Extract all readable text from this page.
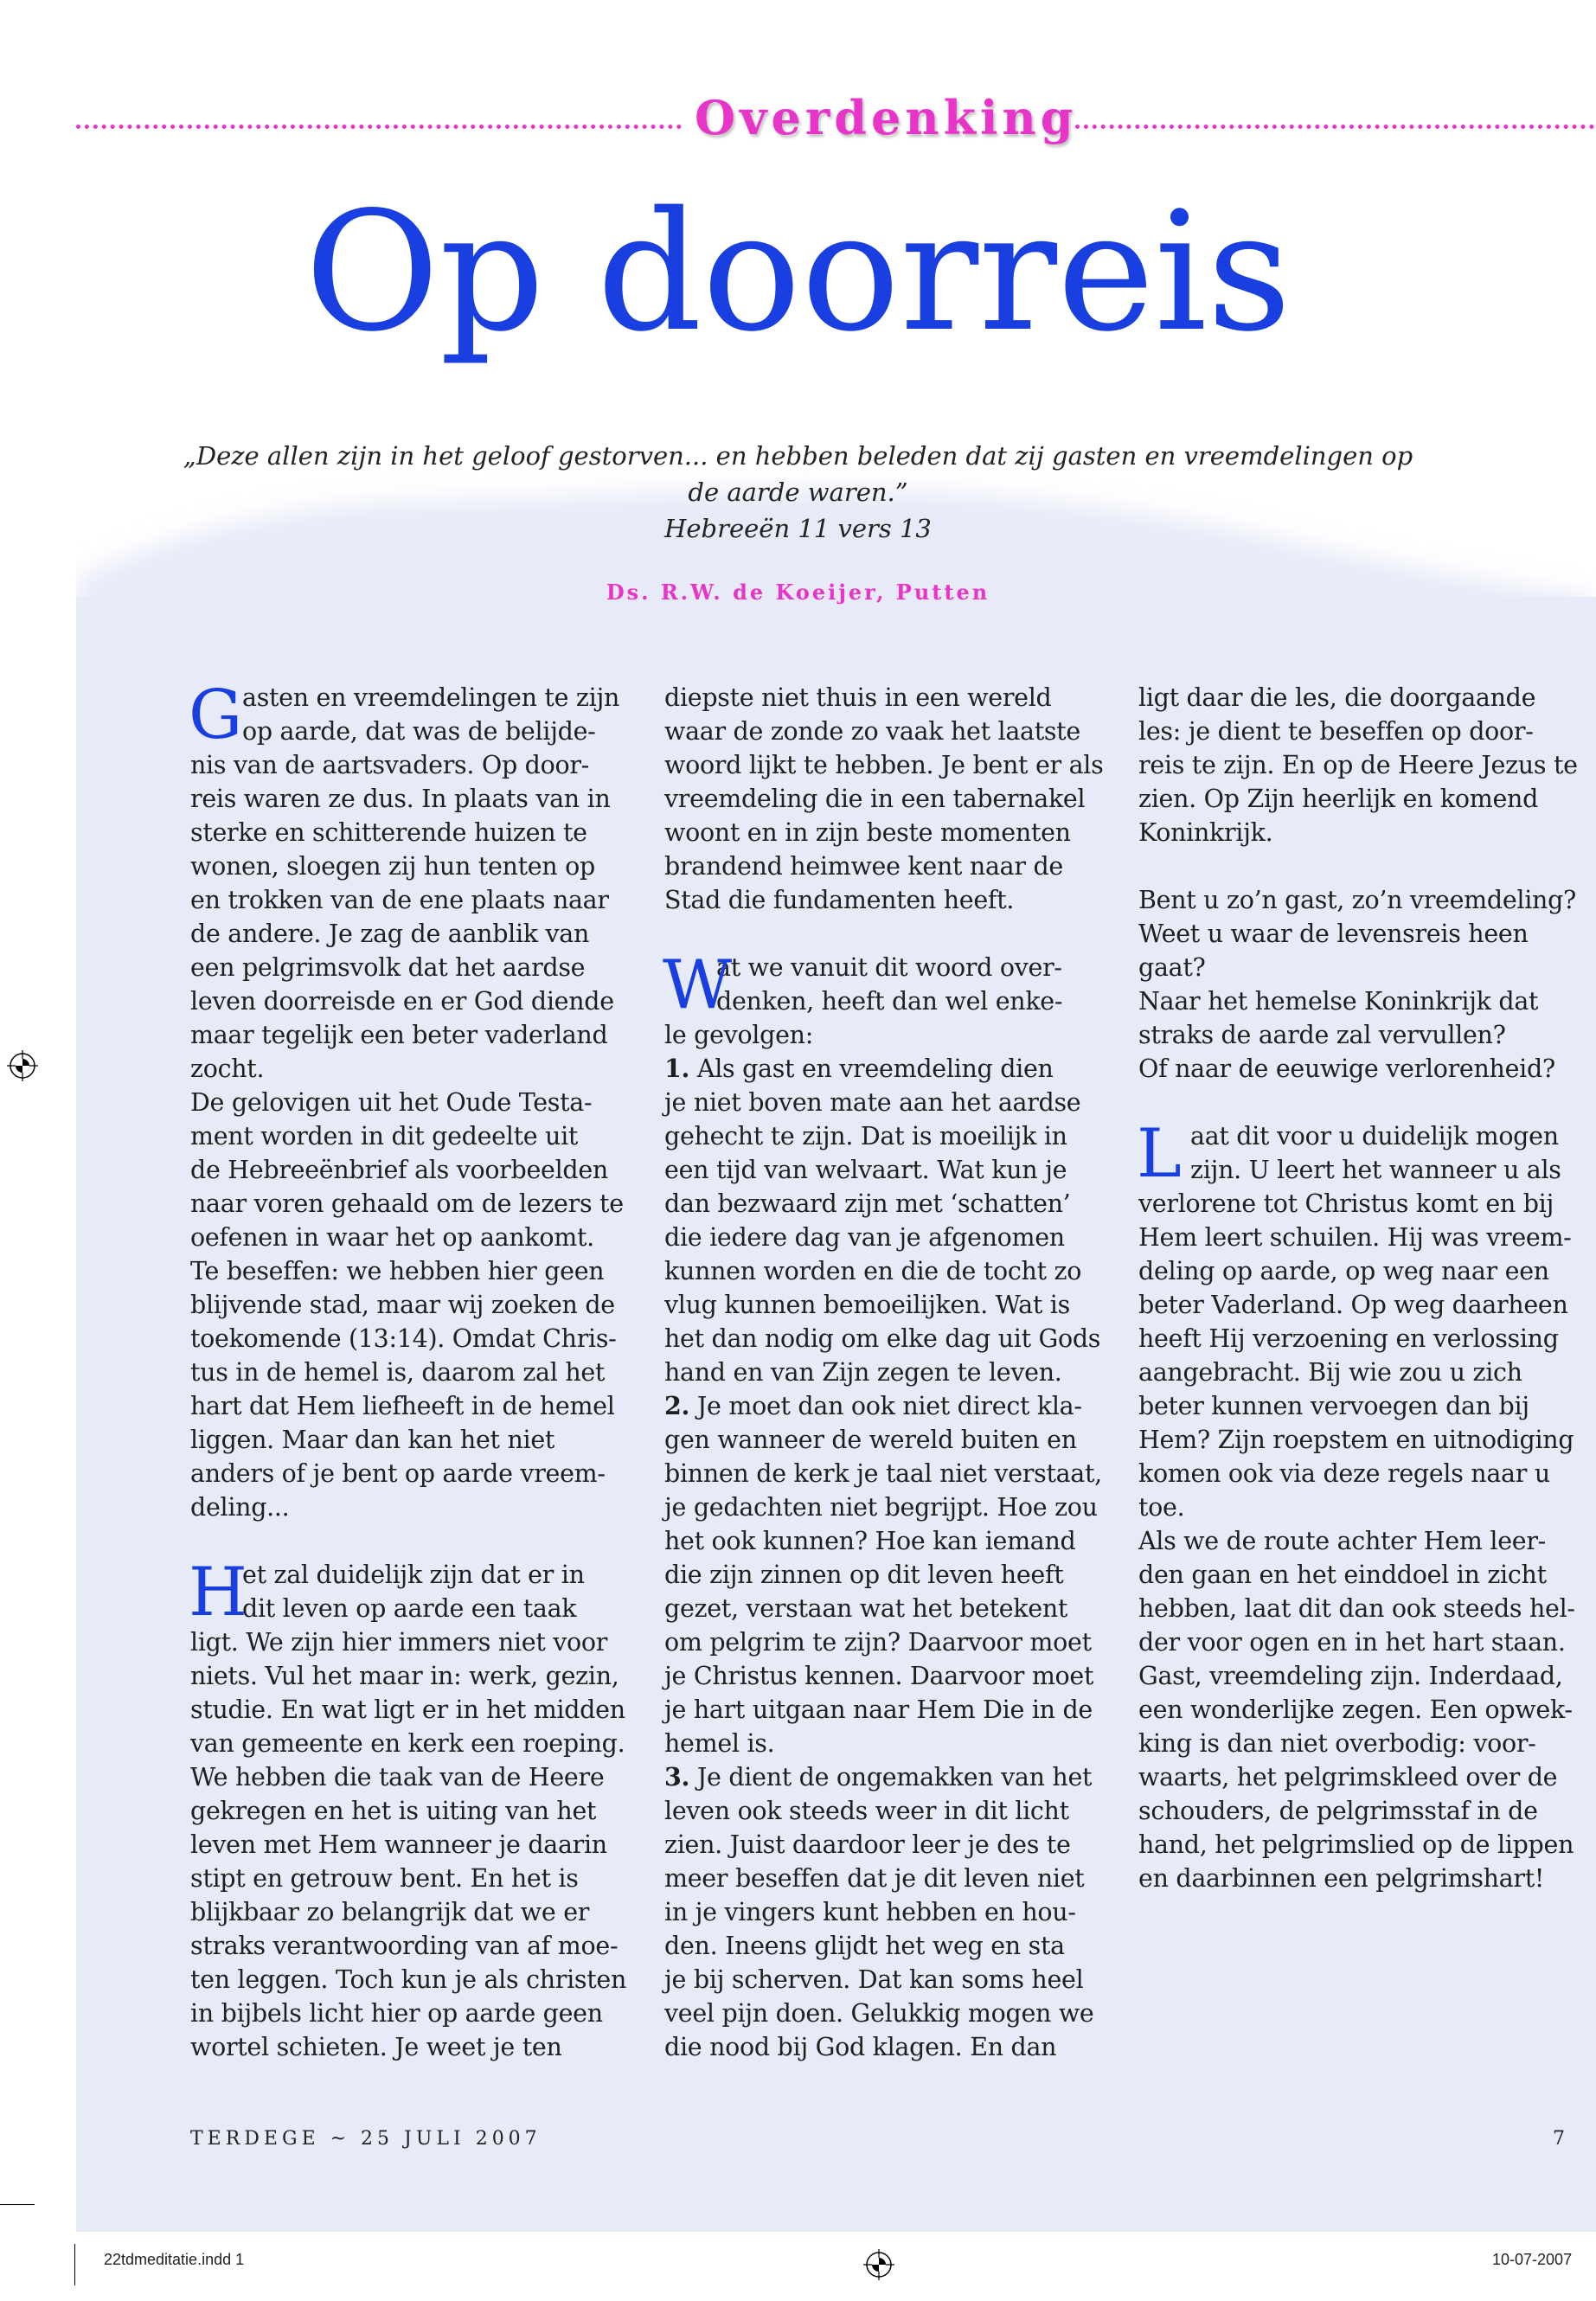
Overdenking
Op doorreis
„Deze allen zijn in het geloof gestorven... en hebben beleden dat zij gasten en vreemdelingen op de aarde waren.”
Hebreeën 11 vers 13
Ds. R.W. de Koeijer, Putten
G asten en vreemdelingen te zijn
op aarde, dat was de belijde-
nis van de aartsvaders. Op door-
reis waren ze dus. In plaats van in
sterke en schitterende huizen te
wonen, sloegen zij hun tenten op
en trokken van de ene plaats naar
de andere. Je zag de aanblik van
een pelgrimsvolk dat het aardse
leven doorreisde en er God diende
maar tegelijk een beter vaderland
zocht.
De gelovigen uit het Oude Testa-
ment worden in dit gedeelte uit
de Hebreeënbrief als voorbeelden
naar voren gehaald om de lezers te
oefenen in waar het op aankomt.
Te beseffen: we hebben hier geen
blijvende stad, maar wij zoeken de
toekomende (13:14). Omdat Chris-
tus in de hemel is, daarom zal het
hart dat Hem liefheeft in de hemel
liggen. Maar dan kan het niet
anders of je bent op aarde vreem-
deling...
H
et zal duidelijk zijn dat er in
dit leven op aarde een taak
ligt. We zijn hier immers niet voor
niets. Vul het maar in: werk, gezin,
studie. En wat ligt er in het midden
van gemeente en kerk een roeping.
We hebben die taak van de Heere
gekregen en het is uiting van het
leven met Hem wanneer je daarin
stipt en getrouw bent. En het is
blijkbaar zo belangrijk dat we er
straks verantwoording van af moe-
ten leggen. Toch kun je als christen
in bijbels licht hier op aarde geen
wortel schieten. Je weet je ten
diepste niet thuis in een wereld
waar de zonde zo vaak het laatste
woord lijkt te hebben. Je bent er als
vreemdeling die in een tabernakel
woont en in zijn beste momenten
brandend heimwee kent naar de
Stad die fundamenten heeft.
W
at we vanuit dit woord over-
denken, heeft dan wel enke-
le gevolgen:
1. Als gast en vreemdeling dien
je niet boven mate aan het aardse
gehecht te zijn. Dat is moeilijk in
een tijd van welvaart. Wat kun je
dan bezwaard zijn met ‘schatten’
die iedere dag van je afgenomen
kunnen worden en die de tocht zo
vlug kunnen bemoeilijken. Wat is
het dan nodig om elke dag uit Gods
hand en van Zijn zegen te leven.
2. Je moet dan ook niet direct kla-
gen wanneer de wereld buiten en
binnen de kerk je taal niet verstaat,
je gedachten niet begrijpt. Hoe zou
het ook kunnen? Hoe kan iemand
die zijn zinnen op dit leven heeft
gezet, verstaan wat het betekent
om pelgrim te zijn? Daarvoor moet
je Christus kennen. Daarvoor moet
je hart uitgaan naar Hem Die in de
hemel is.
3. Je dient de ongemakken van het
leven ook steeds weer in dit licht
zien. Juist daardoor leer je des te
meer beseffen dat je dit leven niet
in je vingers kunt hebben en hou-
den. Ineens glijdt het weg en sta
je bij scherven. Dat kan soms heel
veel pijn doen. Gelukkig mogen we
die nood bij God klagen. En dan
ligt daar die les, die doorgaande
les: je dient te beseffen op door-
reis te zijn. En op de Heere Jezus te
zien. Op Zijn heerlijk en komend
Koninkrijk.
Bent u zo’n gast, zo’n vreemdeling?
Weet u waar de levensreis heen
gaat?
Naar het hemelse Koninkrijk dat
straks de aarde zal vervullen?
Of naar de eeuwige verlorenheid?
L aat dit voor u duidelijk mogen
zijn. U leert het wanneer u als
verlorene tot Christus komt en bij
Hem leert schuilen. Hij was vreem-
deling op aarde, op weg naar een
beter Vaderland. Op weg daarheen
heeft Hij verzoening en verlossing
aangebracht. Bij wie zou u zich
beter kunnen vervoegen dan bij
Hem? Zijn roepstem en uitnodiging
komen ook via deze regels naar u
toe.
Als we de route achter Hem leer-
den gaan en het einddoel in zicht
hebben, laat dit dan ook steeds hel-
der voor ogen en in het hart staan.
Gast, vreemdeling zijn. Inderdaad,
een wonderlijke zegen. Een opwek-
king is dan niet overbodig: voor-
waarts, het pelgrimskleed over de
schouders, de pelgrimsstaf in de
hand, het pelgrimslied op de lippen
en daarbinnen een pelgrimshart!
TERDEGE ~ 25 JULI 2007	7
22tdmeditatie.indd 1	10-07-2007
